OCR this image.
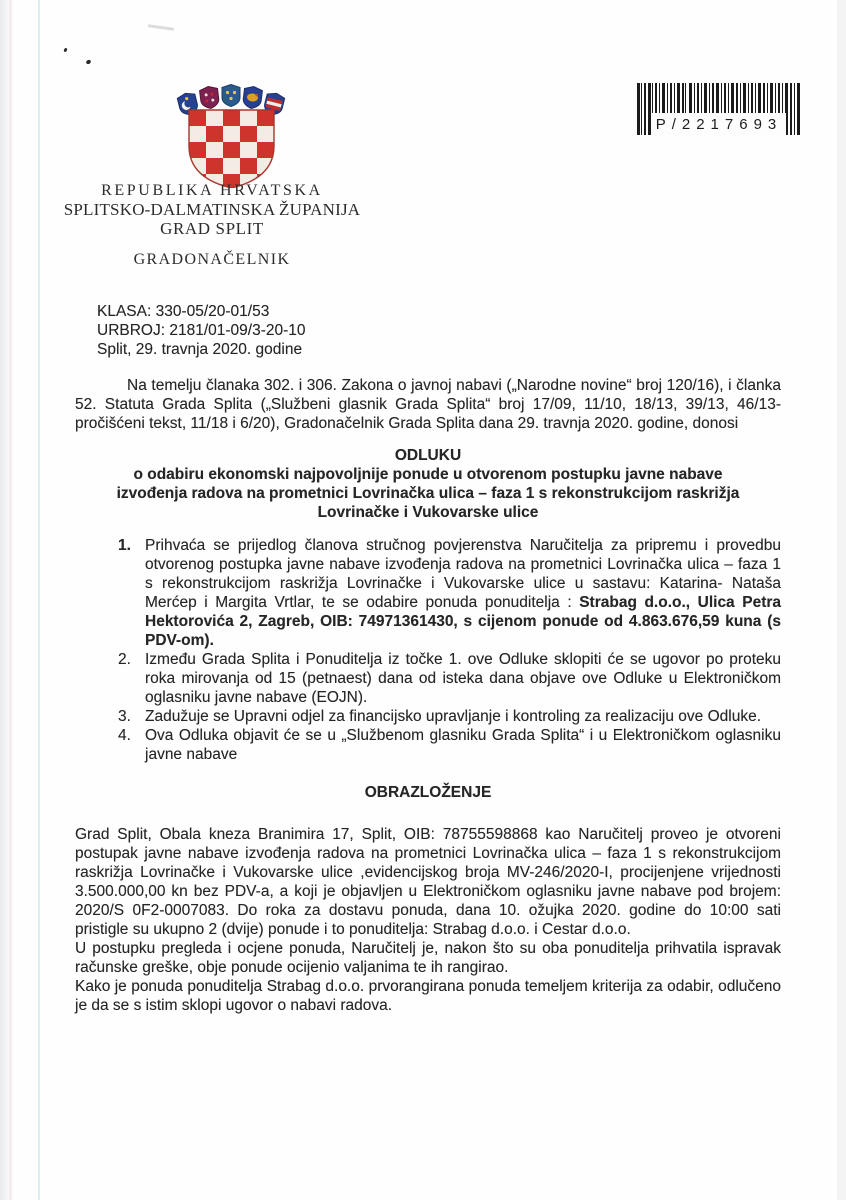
REPUBLIKA HRVATSKA
SPLITSKO-DALMATINSKA ŽUPANIJA
GRAD SPLIT
GRADONAČELNIK
P/2217693
KLASA: 330-05/20-01/53
URBROJ: 2181/01-09/3-20-10
Split, 29. travnja 2020. godine
Na temelju članaka 302. i 306. Zakona o javnoj nabavi („Narodne novine“ broj 120/16), i članka 52. Statuta Grada Splita („Službeni glasnik Grada Splita“ broj 17/09, 11/10, 18/13, 39/13, 46/13-pročišćeni tekst, 11/18 i 6/20), Gradonačelnik Grada Splita dana 29. travnja 2020. godine, donosi
ODLUKU
o odabiru ekonomski najpovoljnije ponude u otvorenom postupku javne nabave izvođenja radova na prometnici Lovrinačka ulica – faza 1 s rekonstrukcijom raskrižja Lovrinačke i Vukovarske ulice
1. Prihvaća se prijedlog članova stručnog povjerenstva Naručitelja za pripremu i provedbu otvorenog postupka javne nabave izvođenja radova na prometnici Lovrinačka ulica – faza 1 s rekonstrukcijom raskrižja Lovrinačke i Vukovarske ulice u sastavu: Katarina- Nataša Merćep i Margita Vrtlar, te se odabire ponuda ponuditelja : Strabag d.o.o., Ulica Petra Hektorovića 2, Zagreb, OIB: 74971361430, s cijenom ponude od 4.863.676,59 kuna (s PDV-om).
2. Između Grada Splita i Ponuditelja iz točke 1. ove Odluke sklopiti će se ugovor po proteku roka mirovanja od 15 (petnaest) dana od isteka dana objave ove Odluke u Elektroničkom oglasniku javne nabave (EOJN).
3. Zadužuje se Upravni odjel za financijsko upravljanje i kontroling za realizaciju ove Odluke.
4. Ova Odluka objavit će se u „Službenom glasniku Grada Splita“ i u Elektroničkom oglasniku javne nabave
OBRAZLOŽENJE

Grad Split, Obala kneza Branimira 17, Split, OIB: 78755598868 kao Naručitelj proveo je otvoreni postupak javne nabave izvođenja radova na prometnici Lovrinačka ulica – faza 1 s rekonstrukcijom raskrižja Lovrinačke i Vukovarske ulice ,evidencijskog broja MV-246/2020-I, procijenjene vrijednosti 3.500.000,00 kn bez PDV-a, a koji je objavljen u Elektroničkom oglasniku javne nabave pod brojem: 2020/S 0F2-0007083. Do roka za dostavu ponuda, dana 10. ožujka 2020. godine do 10:00 sati pristigle su ukupno 2 (dvije) ponude i to ponuditelja: Strabag d.o.o. i Cestar d.o.o.

U postupku pregleda i ocjene ponuda, Naručitelj je, nakon što su oba ponuditelja prihvatila ispravak računske greške, obje ponude ocijenio valjanima te ih rangirao.

Kako je ponuda ponuditelja Strabag d.o.o. prvorangirana ponuda temeljem kriterija za odabir, odlučeno je da se s istim sklopi ugovor o nabavi radova.
